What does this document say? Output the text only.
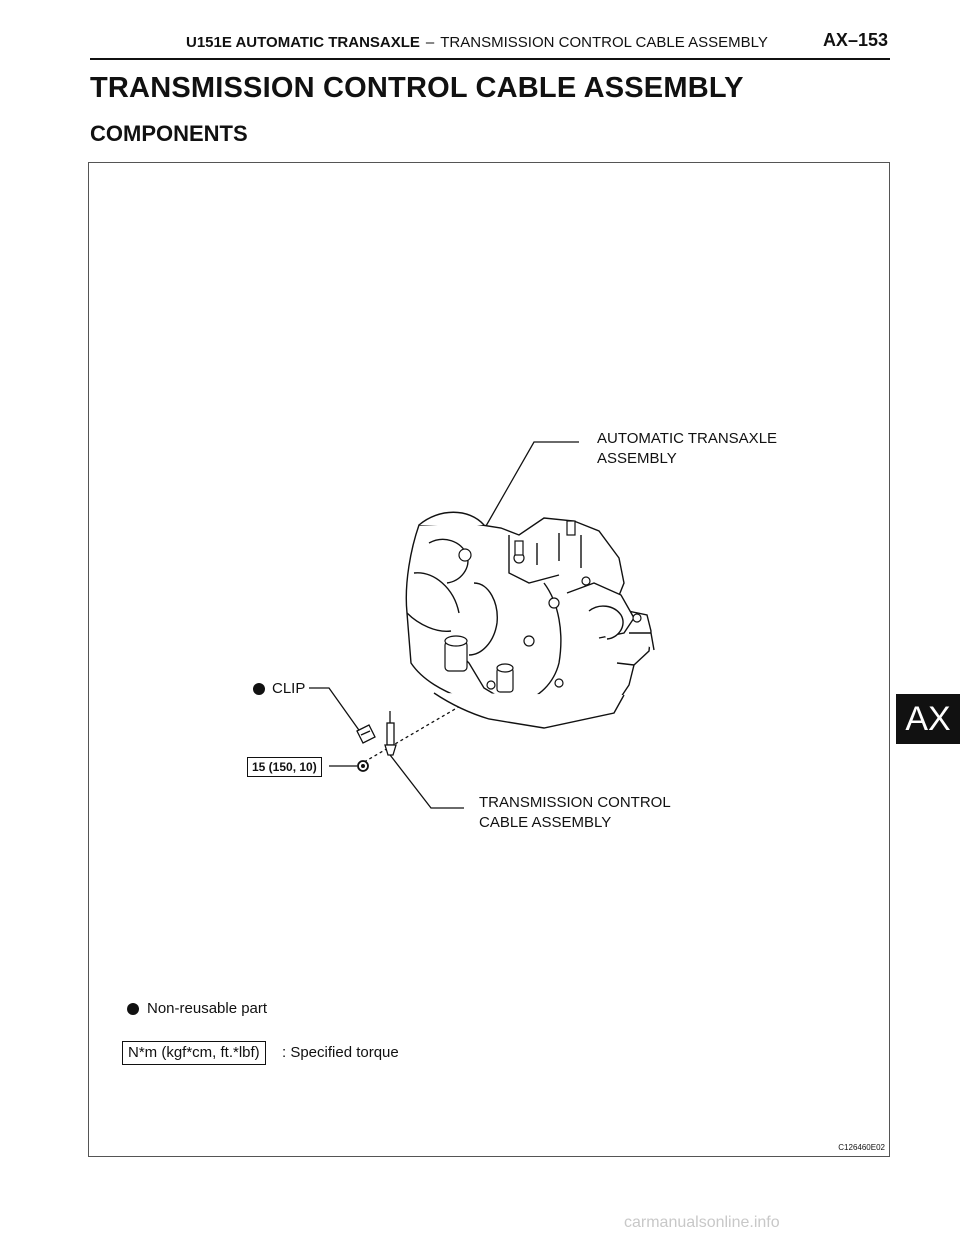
U151E AUTOMATIC TRANSAXLE – TRANSMISSION CONTROL CABLE ASSEMBLY	AX–153
TRANSMISSION CONTROL CABLE ASSEMBLY
COMPONENTS
AUTOMATIC TRANSAXLE
ASSEMBLY
CLIP
15 (150, 10)
TRANSMISSION CONTROL
CABLE ASSEMBLY
Non-reusable part
N*m (kgf*cm, ft.*lbf)	: Specified torque
C126460E02
AX
carmanualsonline.info
